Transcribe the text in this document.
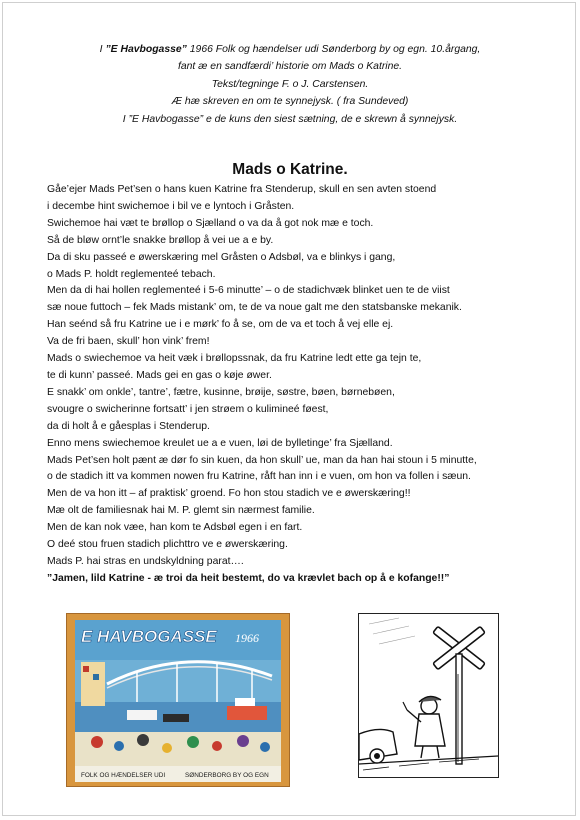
I ”E Havbogasse” 1966 Folk og hændelser udi Sønderborg by og egn. 10.årgang,
fant æ en sandfærdi’ historie om Mads o Katrine.
Tekst/tegninge F. o J. Carstensen.
Æ hæ skreven en om te synnejysk. ( fra Sundeved)
I ”E Havbogasse” e de kuns den siest sætning, de e skrewn å synnejysk.
Mads o Katrine.
Gåe’ejer Mads Pet’sen o hans kuen Katrine fra Stenderup, skull en sen avten stoend
i decembe hint swichemoe i bil ve e lyntoch i Gråsten.
Swichemoe hai væt te brøllop o Sjælland o va da å got nok mæ e toch.
Så de bløw ornt’le snakke brøllop å vei ue a e by.
Da di sku passeé e øwerskæring mel Gråsten o Adsbøl, va e blinkys i gang,
o Mads P. holdt reglementeé tebach.
Men da di hai hollen reglementeé i 5-6 minutte’ – o de stadichvæk blinket uen te de viist
sæ noue futtoch – fek Mads mistank’ om, te de va noue galt me den statsbanske mekanik.
Han seénd så fru Katrine ue i e mørk’ fo å se, om de va et toch å vej elle ej.
Va de fri baen, skull’ hon vink’ frem!
Mads o swiechemoe va heit væk i brøllopssnak, da fru Katrine ledt ette ga tejn te,
te di kunn’ passeé. Mads gei en gas o køje øwer.
E snakk’ om onkle’, tantre’, fætre, kusinne, brøije, søstre, bøen, børnebøen,
svougre o swicherinne fortsatt’ i jen strøem o kulimineé føest,
da di holt å e gåesplas i Stenderup.
Enno mens swiechemoe kreulet ue a e vuen, løi de bylletinge’ fra Sjælland.
Mads Pet’sen holt pænt æ dør fo sin kuen, da hon skull’ ue, man da han hai stoun i 5 minutte,
o de stadich itt va kommen nowen fru Katrine, råft han inn i e vuen, om hon va follen i sæun.
Men de va hon itt – af praktisk’ groend. Fo hon stou stadich ve e øwerskæring!!
Mæ olt de familiesnak hai M. P. glemt sin nærmest familie.
Men de kan nok væe, han kom te Adsbøl egen i en fart.
O deé stou fruen stadich plichttro ve e øwerskæring.
Mads P. hai stras en undskyldning parat….
”Jamen, lild Katrine - æ troi da heit bestemt, do va krævlet bach op å e kofange!!”
E HAVBOGASSE 1966
FOLK OG HÆNDELSER UDI	SØNDERBORG BY OG EGN
